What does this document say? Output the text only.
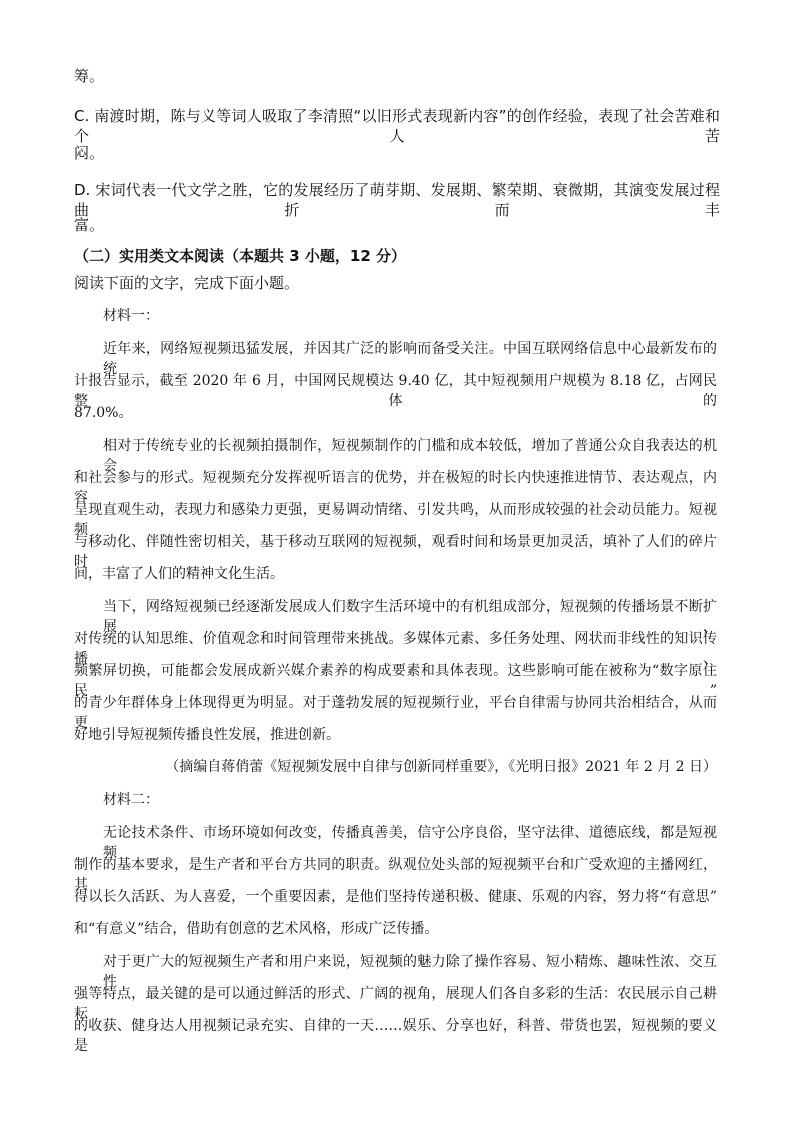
筹。
C. 南渡时期，陈与义等词人吸取了李清照“以旧形式表现新内容”的创作经验，表现了社会苦难和个人苦
闷。
D. 宋词代表一代文学之胜，它的发展经历了萌芽期、发展期、繁荣期、衰微期，其演变发展过程曲折而丰
富。
（二）实用类文本阅读（本题共 3 小题，12 分）
阅读下面的文字，完成下面小题。
材料一：
近年来，网络短视频迅猛发展，并因其广泛的影响而备受关注。中国互联网络信息中心最新发布的统
计报告显示，截至 2020 年 6 月，中国网民规模达 9.40 亿，其中短视频用户规模为 8.18 亿，占网民整体的
87.0%。
相对于传统专业的长视频拍摄制作，短视频制作的门槛和成本较低，增加了普通公众自我表达的机会
和社会参与的形式。短视频充分发挥视听语言的优势，并在极短的时长内快速推进情节、表达观点，内容
呈现直观生动，表现力和感染力更强，更易调动情绪、引发共鸣，从而形成较强的社会动员能力。短视频
与移动化、伴随性密切相关，基于移动互联网的短视频，观看时间和场景更加灵活，填补了人们的碎片时
间，丰富了人们的精神文化生活。
当下，网络短视频已经逐渐发展成人们数字生活环境中的有机组成部分，短视频的传播场景不断扩展，
对传统的认知思维、价值观念和时间管理带来挑战。多媒体元素、多任务处理、网状而非线性的知识传播、
频繁屏切换，可能都会发展成新兴媒介素养的构成要素和具体表现。这些影响可能在被称为“数字原住民”
的青少年群体身上体现得更为明显。对于蓬勃发展的短视频行业，平台自律需与协同共治相结合，从而更
好地引导短视频传播良性发展，推进创新。
（摘编自蒋俏蕾《短视频发展中自律与创新同样重要》，《光明日报》2021 年 2 月 2 日）
材料二：
无论技术条件、市场环境如何改变，传播真善美，信守公序良俗，坚守法律、道德底线，都是短视频
制作的基本要求，是生产者和平台方共同的职责。纵观位处头部的短视频平台和广受欢迎的主播网红，其
得以长久活跃、为人喜爱，一个重要因素，是他们坚持传递积极、健康、乐观的内容，努力将“有意思”
和“有意义”结合，借助有创意的艺术风格，形成广泛传播。
对于更广大的短视频生产者和用户来说，短视频的魅力除了操作容易、短小精炼、趣味性浓、交互性
强等特点，最关键的是可以通过鲜活的形式、广阔的视角，展现人们各自多彩的生活：农民展示自己耕耘
的收获、健身达人用视频记录充实、自律的一天……娱乐、分享也好，科普、带货也罢，短视频的要义是
